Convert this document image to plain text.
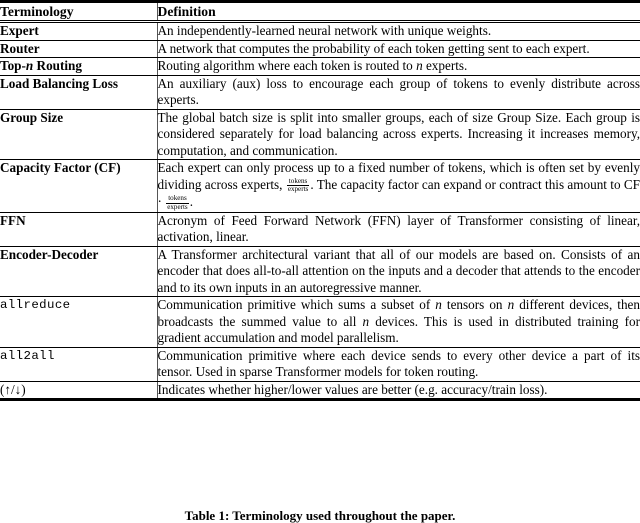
Terminology	Definition

Expert	An independently-learned neural network with unique weights.

Router	A network that computes the probability of each token getting sent to each expert.

Top-n Routing	Routing algorithm where each token is routed to n experts.

Load Balancing Loss	An auxiliary (aux) loss to encourage each group of tokens to evenly distribute across experts.

Group Size	The global batch size is split into smaller groups, each of size Group Size. Each group is considered separately for load balancing across experts. Increasing it increases memory, computation, and communication.

Capacity Factor (CF)	Each expert can only process up to a fixed number of tokens, which is often set by evenly dividing across experts, $\frac{\text{tokens}}{\text{experts}}$ . The capacity factor can expand or contract this amount to CF · $\frac{\text{tokens}}{\text{experts}}$ .

FFN	Acronym of Feed Forward Network (FFN) layer of Transformer consisting of linear, activation, linear.

Encoder-Decoder	A Transformer architectural variant that all of our models are based on. Consists of an encoder that does all-to-all attention on the inputs and a decoder that attends to the encoder and to its own inputs in an autoregressive manner.

allreduce	Communication primitive which sums a subset of n tensors on n different devices, then broadcasts the summed value to all n devices. This is used in distributed training for gradient accumulation and model parallelism.

all2all	Communication primitive where each device sends to every other device a part of its tensor. Used in sparse Transformer models for token routing.

(↑/↓)	Indicates whether higher/lower values are better (e.g. accuracy/train loss).

Table 1: Terminology used throughout the paper.
